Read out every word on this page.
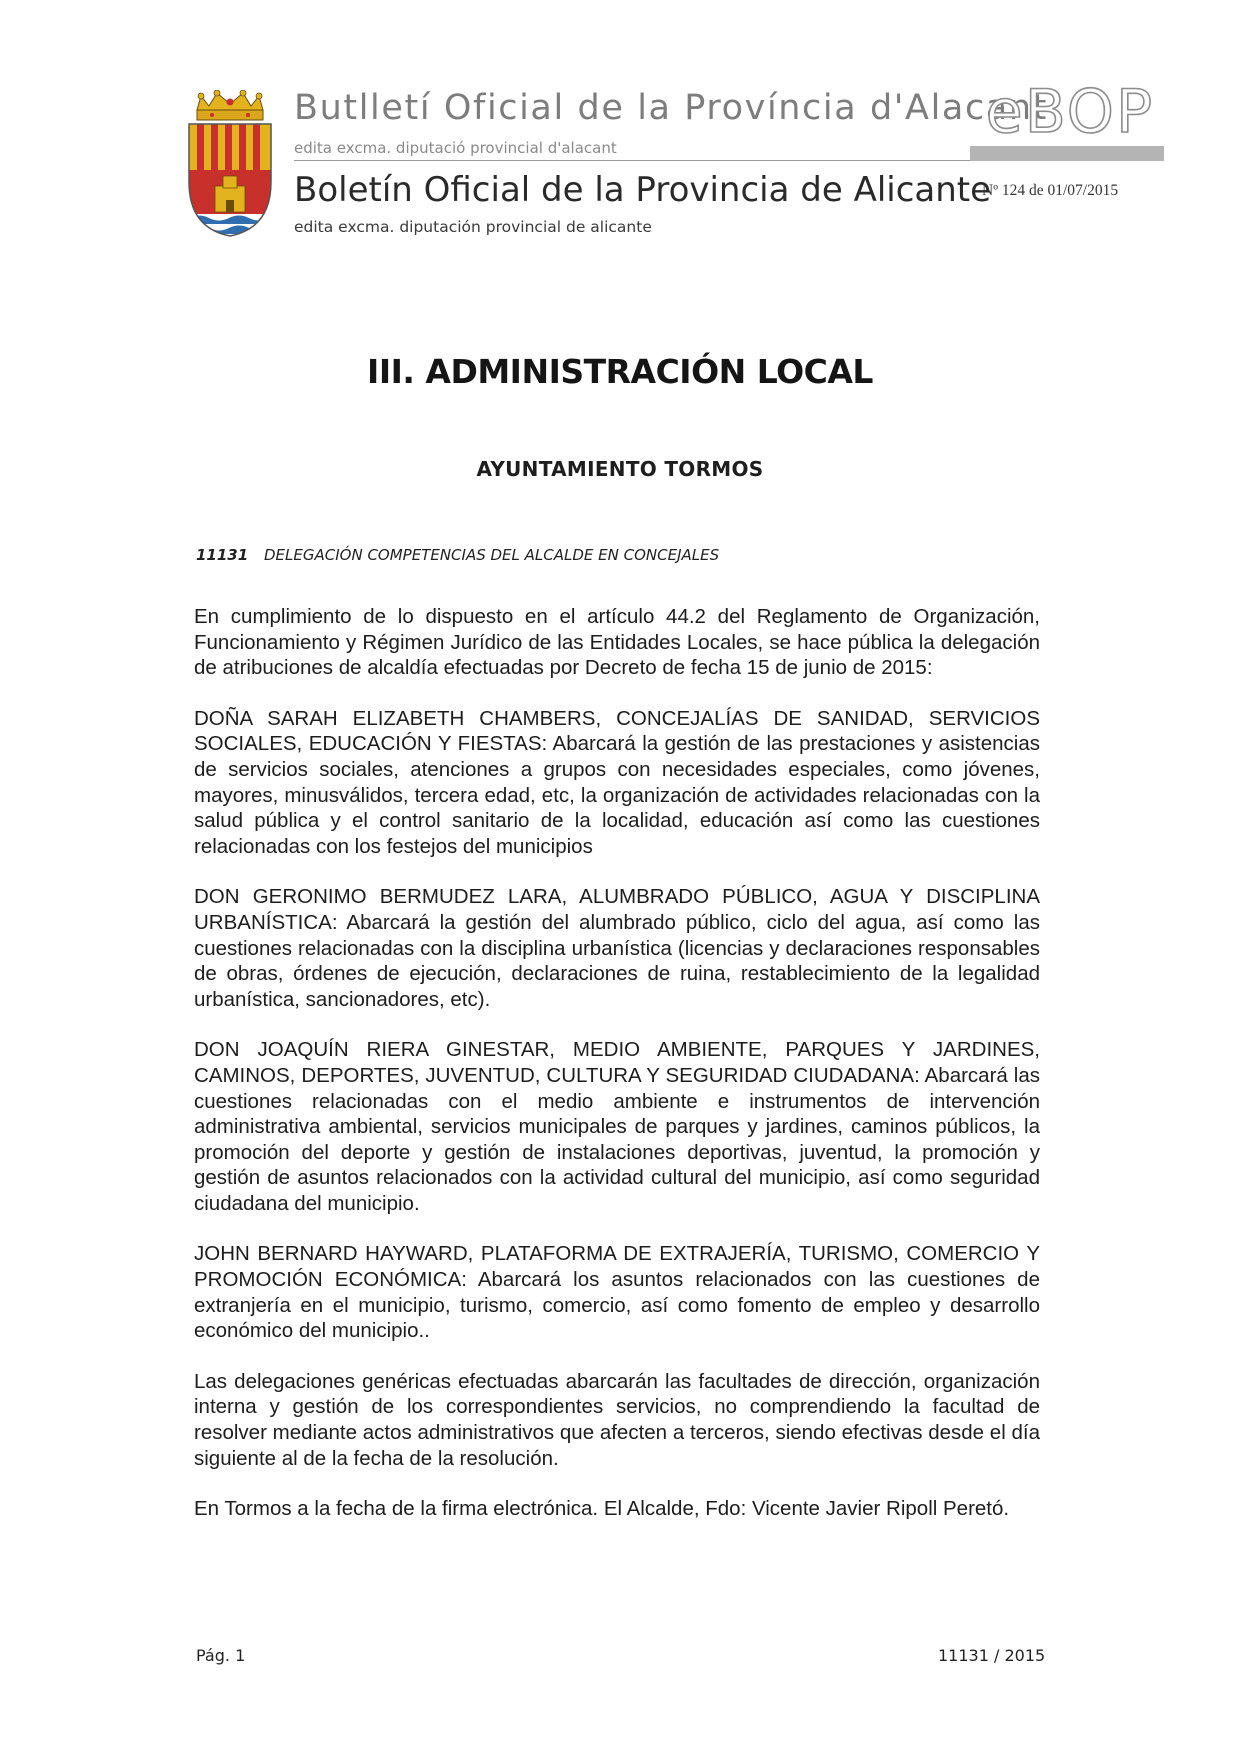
Butlletí Oficial de la Província d'Alacant
edita excma. diputació provincial d'alacant
eBOP
Boletín Oficial de la Provincia de Alicante
edita excma. diputación provincial de alicante
Nº 124 de 01/07/2015
III. ADMINISTRACIÓN LOCAL
AYUNTAMIENTO TORMOS
11131 DELEGACIÓN COMPETENCIAS DEL ALCALDE EN CONCEJALES

En cumplimiento de lo dispuesto en el artículo 44.2 del Reglamento de Organización, Funcionamiento y Régimen Jurídico de las Entidades Locales, se hace pública la delegación de atribuciones de alcaldía efectuadas por Decreto de fecha 15 de junio de 2015:

DOÑA SARAH ELIZABETH CHAMBERS, CONCEJALÍAS DE SANIDAD, SERVICIOS SOCIALES, EDUCACIÓN Y FIESTAS: Abarcará la gestión de las prestaciones y asistencias de servicios sociales, atenciones a grupos con necesidades especiales, como jóvenes, mayores, minusválidos, tercera edad, etc, la organización de actividades relacionadas con la salud pública y el control sanitario de la localidad, educación así como las cuestiones relacionadas con los festejos del municipios

DON GERONIMO BERMUDEZ LARA, ALUMBRADO PÚBLICO, AGUA Y DISCIPLINA URBANÍSTICA: Abarcará la gestión del alumbrado público, ciclo del agua, así como las cuestiones relacionadas con la disciplina urbanística (licencias y declaraciones responsables de obras, órdenes de ejecución, declaraciones de ruina, restablecimiento de la legalidad urbanística, sancionadores, etc).

DON JOAQUÍN RIERA GINESTAR, MEDIO AMBIENTE, PARQUES Y JARDINES, CAMINOS, DEPORTES, JUVENTUD, CULTURA Y SEGURIDAD CIUDADANA: Abarcará las cuestiones relacionadas con el medio ambiente e instrumentos de intervención administrativa ambiental, servicios municipales de parques y jardines, caminos públicos, la promoción del deporte y gestión de instalaciones deportivas, juventud, la promoción y gestión de asuntos relacionados con la actividad cultural del municipio, así como seguridad ciudadana del municipio.

JOHN BERNARD HAYWARD, PLATAFORMA DE EXTRAJERÍA, TURISMO, COMERCIO Y PROMOCIÓN ECONÓMICA: Abarcará los asuntos relacionados con las cuestiones de extranjería en el municipio, turismo, comercio, así como fomento de empleo y desarrollo económico del municipio..

Las delegaciones genéricas efectuadas abarcarán las facultades de dirección, organización interna y gestión de los correspondientes servicios, no comprendiendo la facultad de resolver mediante actos administrativos que afecten a terceros, siendo efectivas desde el día siguiente al de la fecha de la resolución.

En Tormos a la fecha de la firma electrónica. El Alcalde, Fdo: Vicente Javier Ripoll Peretó.

Pág. 1	11131 / 2015
